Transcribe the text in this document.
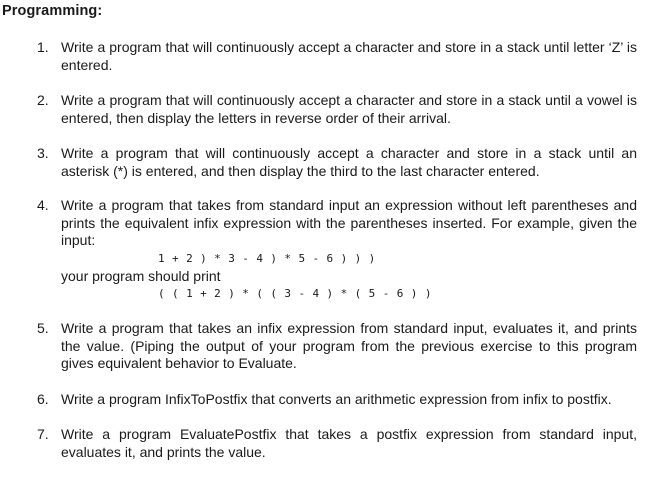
Programming:
1. Write a program that will continuously accept a character and store in a stack until letter ‘Z’ is entered.
2. Write a program that will continuously accept a character and store in a stack until a vowel is entered, then display the letters in reverse order of their arrival.
3. Write a program that will continuously accept a character and store in a stack until an asterisk (*) is entered, and then display the third to the last character entered.
4. Write a program that takes from standard input an expression without left parentheses and prints the equivalent infix expression with the parentheses inserted. For example, given the input:
1 + 2 ) * 3 - 4 ) * 5 - 6 ) ) )
your program should print
( ( 1 + 2 ) * ( ( 3 - 4 ) * ( 5 - 6 ) )
5. Write a program that takes an infix expression from standard input, evaluates it, and prints the value. (Piping the output of your program from the previous exercise to this program gives equivalent behavior to Evaluate.
6. Write a program InfixToPostfix that converts an arithmetic expression from infix to postfix.
7. Write a program EvaluatePostfix that takes a postfix expression from standard input, evaluates it, and prints the value.
